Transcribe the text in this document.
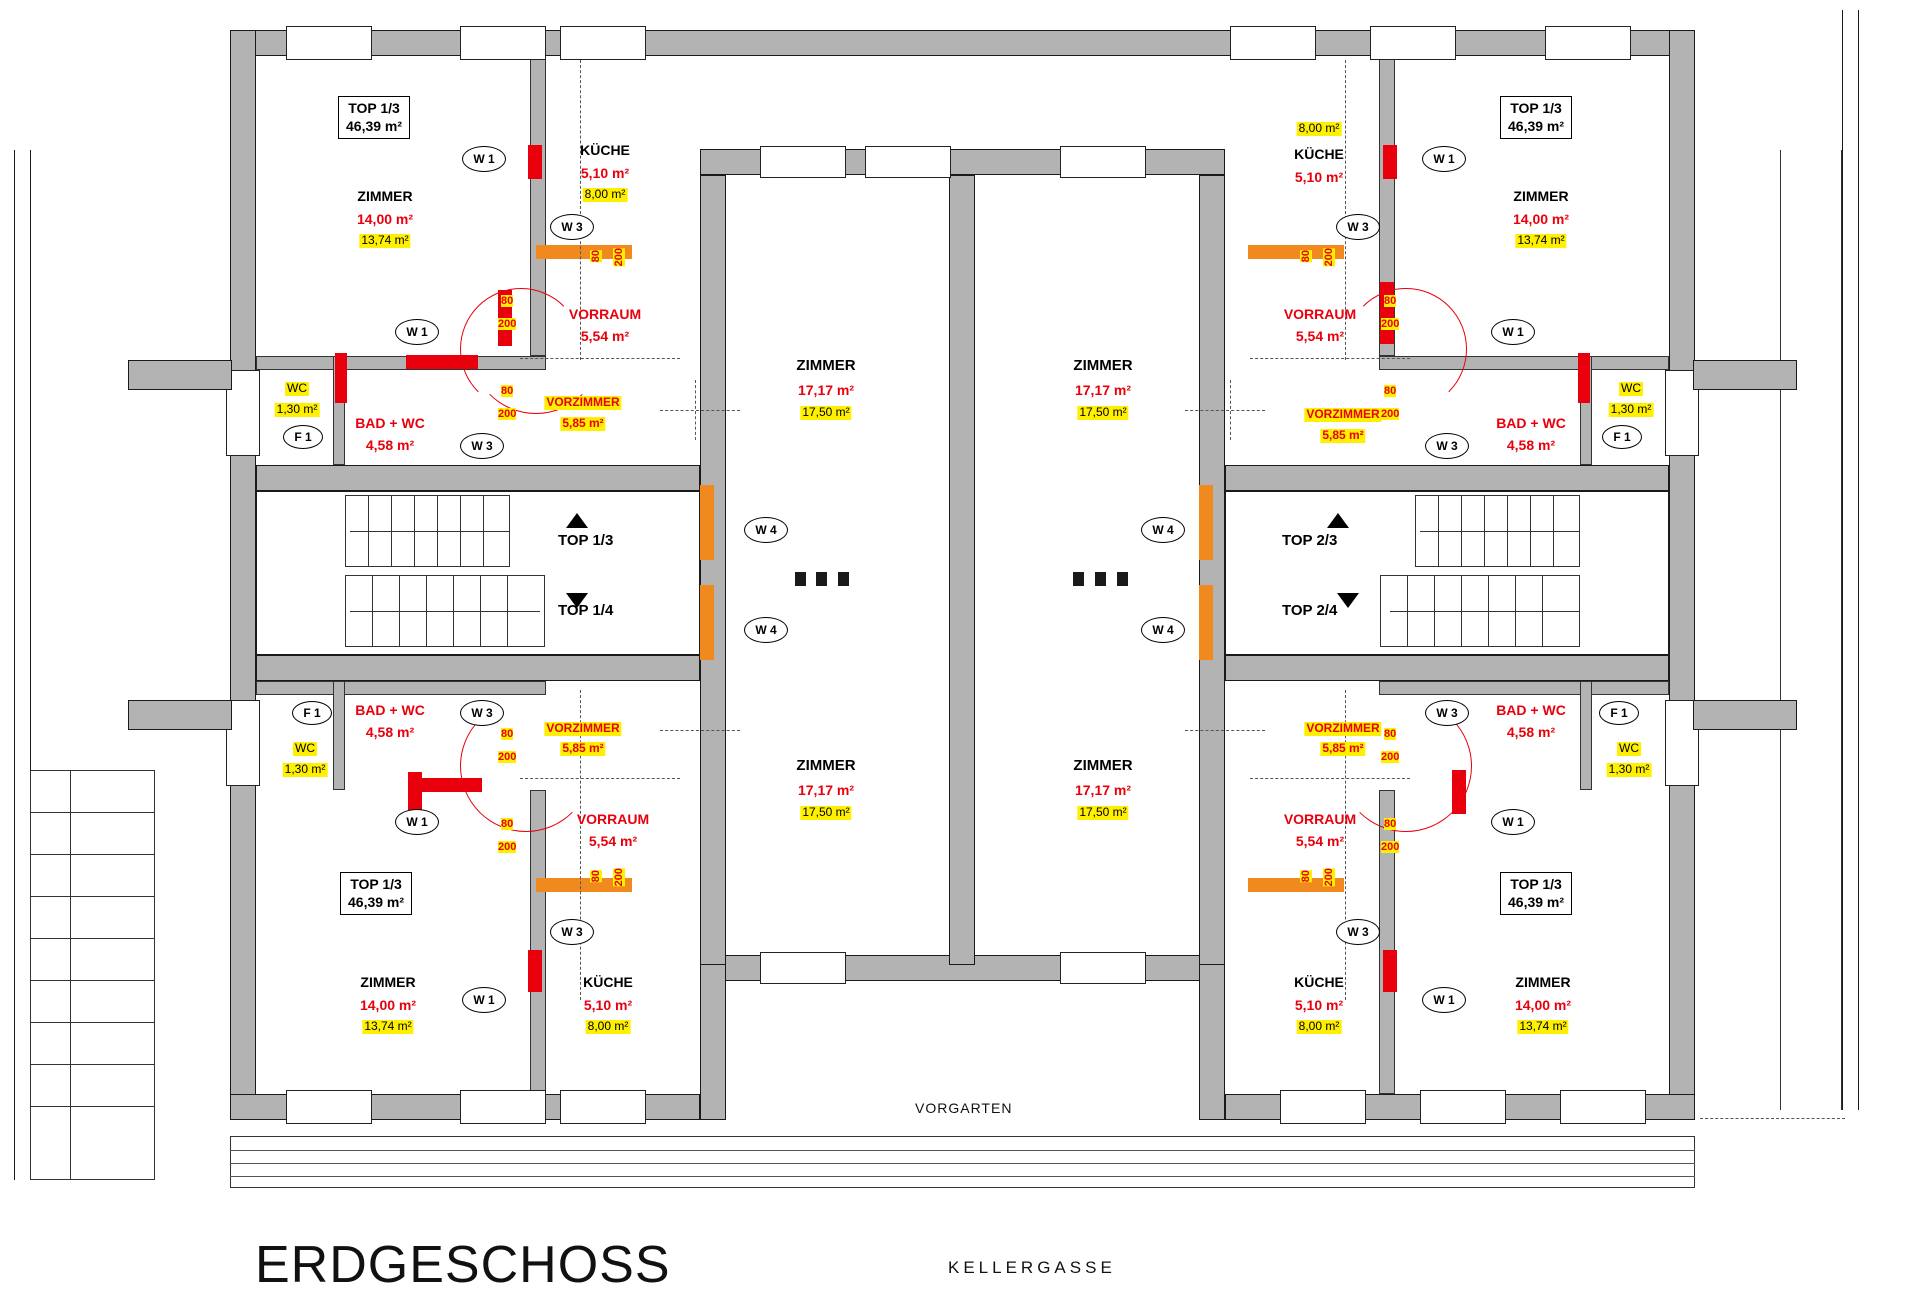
TOP 1/3
46,39 m²
ZIMMER
14,00 m²
13,74 m²
KÜCHE
5,10 m²
8,00 m²
VORRAUM
5,54 m²
VORZIMMER
5,85 m²
BAD + WC
4,58 m²
WC
1,30 m²
ZIMMER
17,17 m²
17,50 m²
ZIMMER
17,17 m²
17,50 m²
ZIMMER
17,17 m²
17,50 m²
ZIMMER
17,17 m²
17,50 m²
TOP 1/3
46,39 m²
ZIMMER
14,00 m²
13,74 m²
8,00 m²
KÜCHE
5,10 m²
VORRAUM
5,54 m²
VORZIMMER
5,85 m²
BAD + WC
4,58 m²
WC
1,30 m²
TOP 1/3
46,39 m²
ZIMMER
14,00 m²
13,74 m²
KÜCHE
5,10 m²
8,00 m²
VORRAUM
5,54 m²
VORZIMMER
5,85 m²
BAD + WC
4,58 m²
WC
1,30 m²
TOP 1/3
46,39 m²
ZIMMER
14,00 m²
13,74 m²
KÜCHE
5,10 m²
8,00 m²
VORRAUM
5,54 m²
VORZIMMER
5,85 m²
BAD + WC
4,58 m²
WC
1,30 m²
TOP 1/3
TOP 1/4
TOP 2/3
TOP 2/4
80
200
80
200
80 200
80
200
80
200
80 200
80
200
80
200
80 200
80
200
80
200
80 200
W 1
W 3
W 1
W 3
F 1
W 4
W 4
W 1
W 3
W 1
W 3
F 1
W 4
W 4
F 1	W 3
W 1
W 3
W 1
F 1
W 3
W 1
W 3
W 1
VORGARTEN
ERDGESCHOSS	KELLERGASSE
